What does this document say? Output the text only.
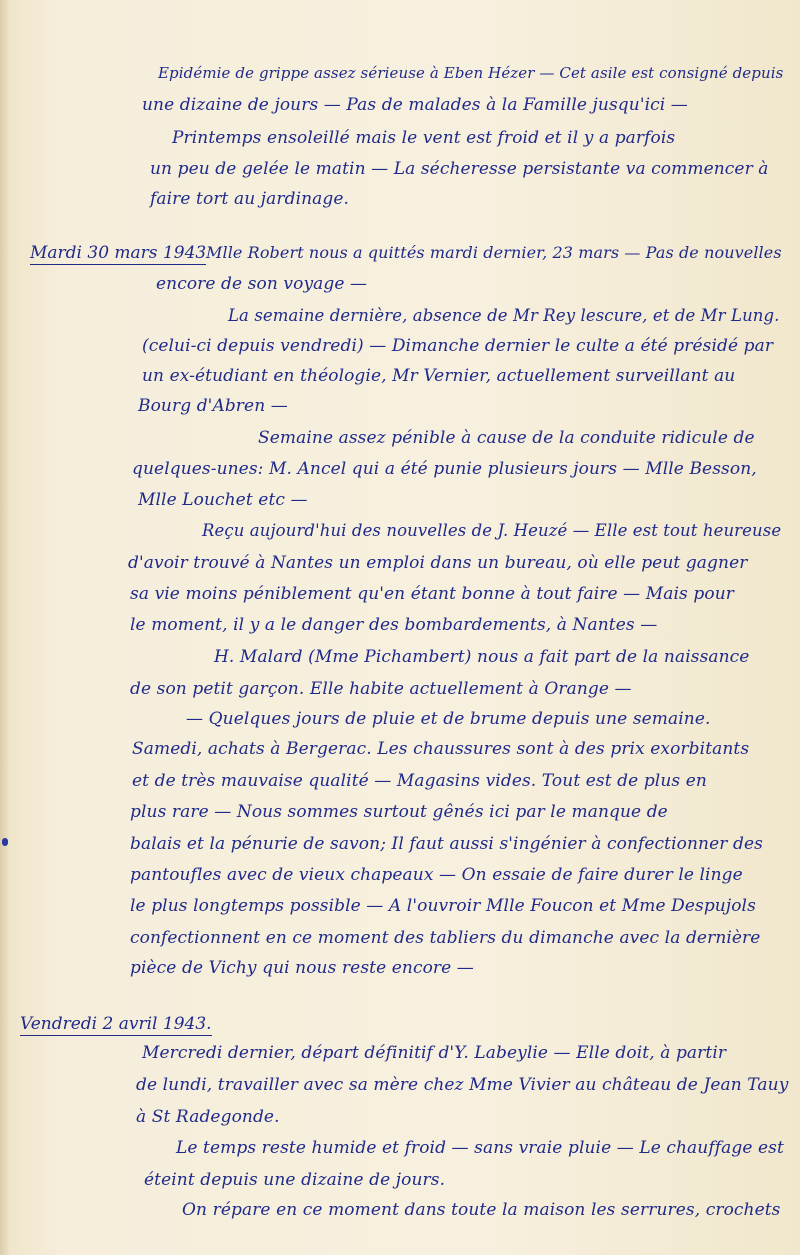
Epidémie de grippe assez sérieuse à Eben Hézer — Cet asile est consigné depuis
une dizaine de jours — Pas de malades à la Famille jusqu'ici —
Printemps ensoleillé mais le vent est froid et il y a parfois
un peu de gelée le matin — La sécheresse persistante va commencer à
faire tort au jardinage.
Mardi 30 mars 1943 Mlle Robert nous a quittés mardi dernier, 23 mars — Pas de nouvelles
encore de son voyage —
La semaine dernière, absence de Mr Rey lescure, et de Mr Lung.
(celui-ci depuis vendredi) — Dimanche dernier le culte a été présidé par
un ex-étudiant en théologie, Mr Vernier, actuellement surveillant au
Bourg d'Abren —
Semaine assez pénible à cause de la conduite ridicule de
quelques-unes: M. Ancel qui a été punie plusieurs jours — Mlle Besson,
Mlle Louchet etc —
Reçu aujourd'hui des nouvelles de J. Heuzé — Elle est tout heureuse
d'avoir trouvé à Nantes un emploi dans un bureau, où elle peut gagner
sa vie moins péniblement qu'en étant bonne à tout faire — Mais pour
le moment, il y a le danger des bombardements, à Nantes —
H. Malard (Mme Pichambert) nous a fait part de la naissance
de son petit garçon. Elle habite actuellement à Orange —
— Quelques jours de pluie et de brume depuis une semaine.
Samedi, achats à Bergerac. Les chaussures sont à des prix exorbitants
et de très mauvaise qualité — Magasins vides. Tout est de plus en
plus rare — Nous sommes surtout gênés ici par le manque de
balais et la pénurie de savon; Il faut aussi s'ingénier à confectionner des
pantoufles avec de vieux chapeaux — On essaie de faire durer le linge
le plus longtemps possible — A l'ouvroir Mlle Foucon et Mme Despujols
confectionnent en ce moment des tabliers du dimanche avec la dernière
pièce de Vichy qui nous reste encore —
Vendredi 2 avril 1943.
Mercredi dernier, départ définitif d'Y. Labeylie — Elle doit, à partir
de lundi, travailler avec sa mère chez Mme Vivier au château de Jean Tauy
à St Radegonde.
Le temps reste humide et froid — sans vraie pluie — Le chauffage est
éteint depuis une dizaine de jours.
On répare en ce moment dans toute la maison les serrures, crochets
